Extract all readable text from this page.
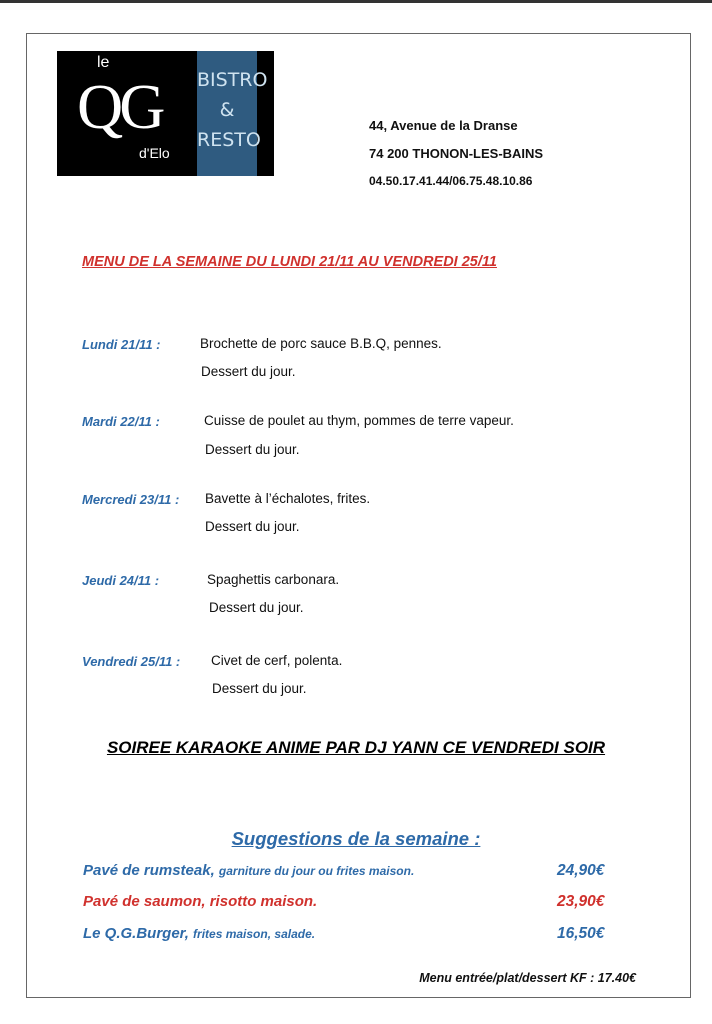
le
QG
d'Elo
BISTRO
&
RESTO
44, Avenue de la Dranse
74 200 THONON-LES-BAINS
04.50.17.41.44/06.75.48.10.86
MENU DE LA SEMAINE DU LUNDI 21/11 AU VENDREDI 25/11
Lundi 21/11 :	Brochette de porc sauce B.B.Q, pennes.
Dessert du jour.
Mardi 22/11 :	Cuisse de poulet au thym, pommes de terre vapeur.
Dessert du jour.
Mercredi 23/11 : Bavette à l’échalotes, frites.
Dessert du jour.
Jeudi 24/11 :	Spaghettis carbonara.
Dessert du jour.
Vendredi 25/11 : Civet de cerf, polenta.
Dessert du jour.
SOIREE KARAOKE ANIME PAR DJ YANN CE VENDREDI SOIR
Suggestions de la semaine :
Pavé de rumsteak, garniture du jour ou frites maison.	24,90€
Pavé de saumon, risotto maison.	23,90€
Le Q.G.Burger, frites maison, salade.	16,50€
Menu entrée/plat/dessert KF : 17.40€
